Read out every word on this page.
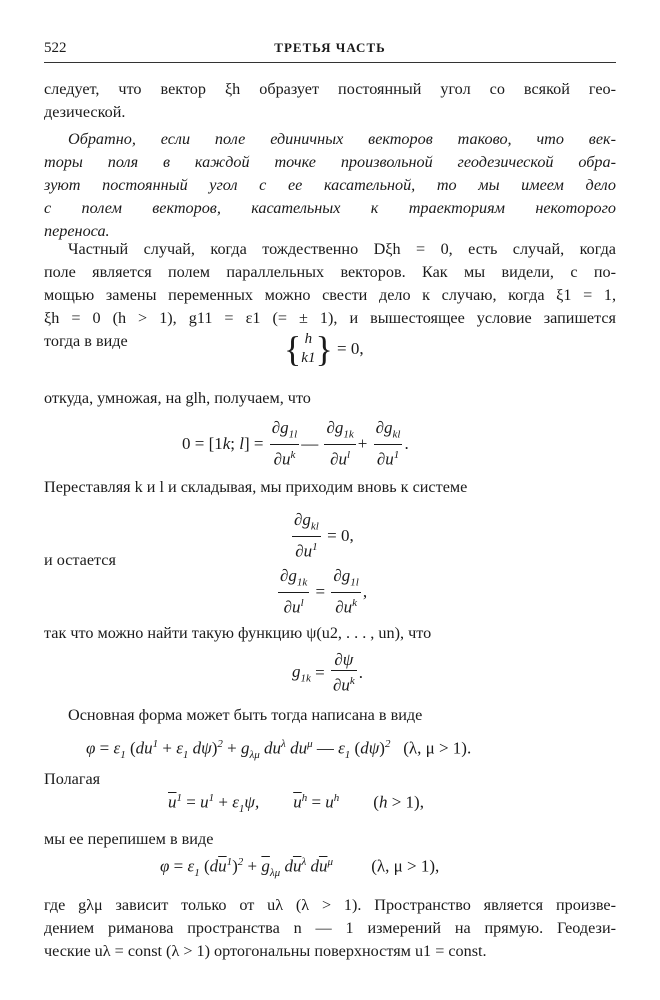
522	ТРЕТЬЯ ЧАСТЬ
следует, что вектор ξh образует постоянный угол со всякой гео-
дезической.
Обратно, если поле единичных векторов таково, что век-
торы поля в каждой точке произвольной геодезической обра-
зуют постоянный угол с ее касательной, то мы имеем дело
с полем векторов, касательных к траекториям некоторого
переноса.
Частный случай, когда тождественно Dξh = 0, есть случай, когда
поле является полем параллельных векторов. Как мы видели, с по-
мощью замены переменных можно свести дело к случаю, когда ξ1 = 1,
ξh = 0 (h > 1), g11 = ε1 (= ± 1), и вышестоящее условие запишется
тогда в виде	{ h
k1 } = 0,
откуда, умножая, на glh, получаем, что
0 = [1k; $l] = \frac{\partial g_{1l}}{\partial u^k}$ — $\frac{\partial g_{1k}}{\partial u^l} + \frac{\partial g_{kl}}{\partial u^1}$ .
Переставляя k и l и складывая, мы приходим вновь к системе
$\frac{\partial g_{kl}}{\partial u^1} = 0$,
и остается
$\frac{\partial g_{1k}}{\partial u^l} = \frac{\partial g_{1l}}{\partial u^k}$ ,
так что можно найти такую функцию ψ(u2, . . . , un), что
$g_{1k} = \frac{\partial\psi}{\partial u^k}$ .
Основная форма может быть тогда написана в виде
$\varphi = \varepsilon_1$ ($du^1 + \varepsilon_1$ $d\psi)^2 + g_{\lambda\mu}$ $du^\lambda$ $du^\mu$ — $\varepsilon_1$ $(d\psi)^2$ (λ, μ > 1).
Полагая
$\overline{u}^1 = u^1 + \varepsilon_1\psi$,        $\overline{u}^h = u^h$ (h > 1),
мы ее перепишем в виде
$\varphi = \varepsilon_1$ $(d\overline{u}^1)^2 + \overline{g}_{\lambda\mu}$ $d\overline{u}^\lambda$ $d\overline{u}^\mu$ (λ, μ > 1),
где gλμ зависит только от uλ (λ > 1). Пространство является произве-
дением риманова пространства n — 1 измерений на прямую. Геодези-
ческие uλ = const (λ > 1) ортогональны поверхностям u1 = const.
